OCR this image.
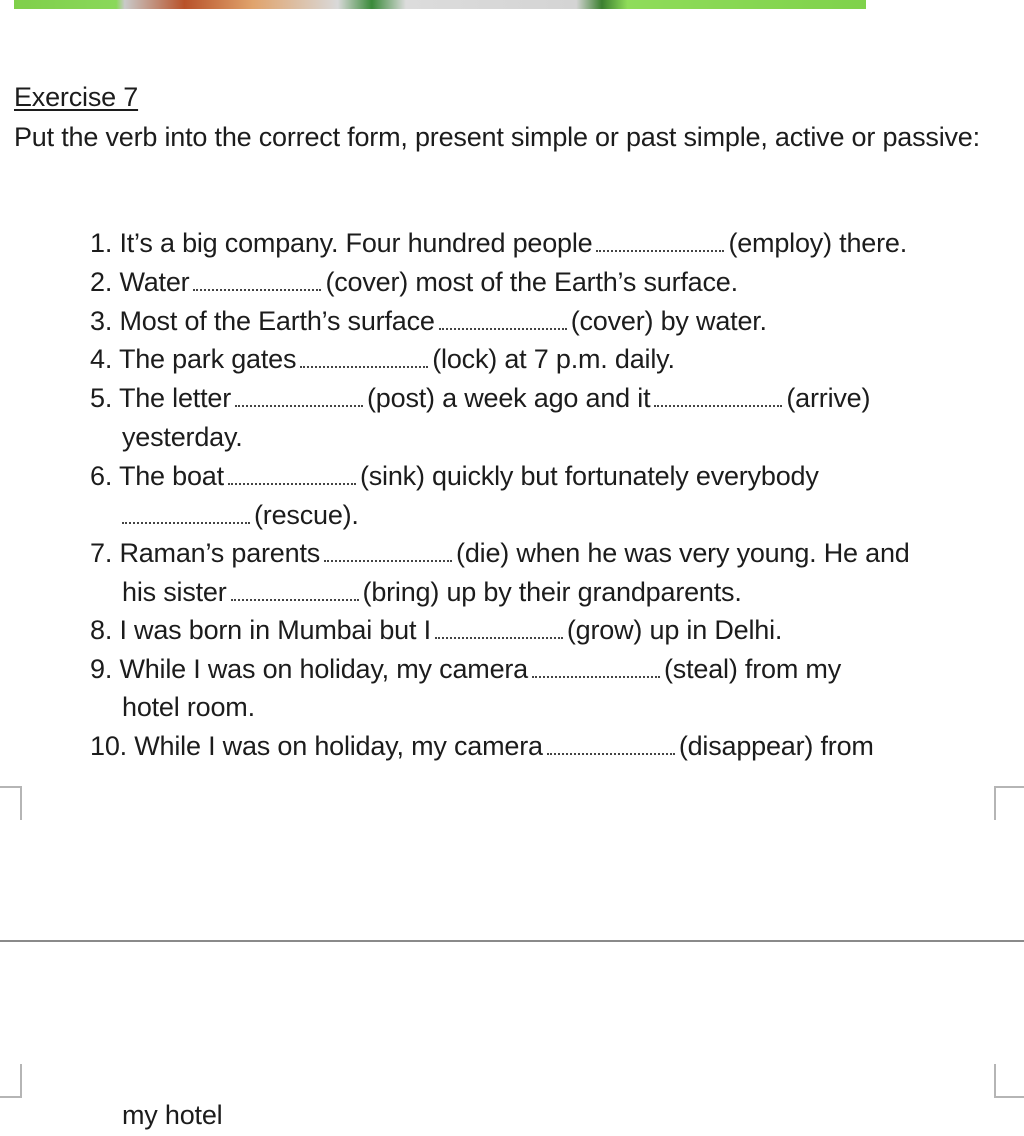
Exercise 7
Put the verb into the correct form, present simple or past simple, active or passive:
1. It’s a big company. Four hundred people	(employ) there.
2. Water	(cover) most of the Earth’s surface.
3. Most of the Earth’s surface	(cover) by water.
4. The park gates	(lock) at 7 p.m. daily.
5. The letter	(post) a week ago and it	(arrive)
yesterday.
6. The boat	(sink) quickly but fortunately everybody
(rescue).
7. Raman’s parents	(die) when he was very young. He and
his sister	(bring) up by their grandparents.
8. I was born in Mumbai but I	(grow) up in Delhi.
9. While I was on holiday, my camera	(steal) from my
hotel room.
10. While I was on holiday, my camera	(disappear) from
my hotel
